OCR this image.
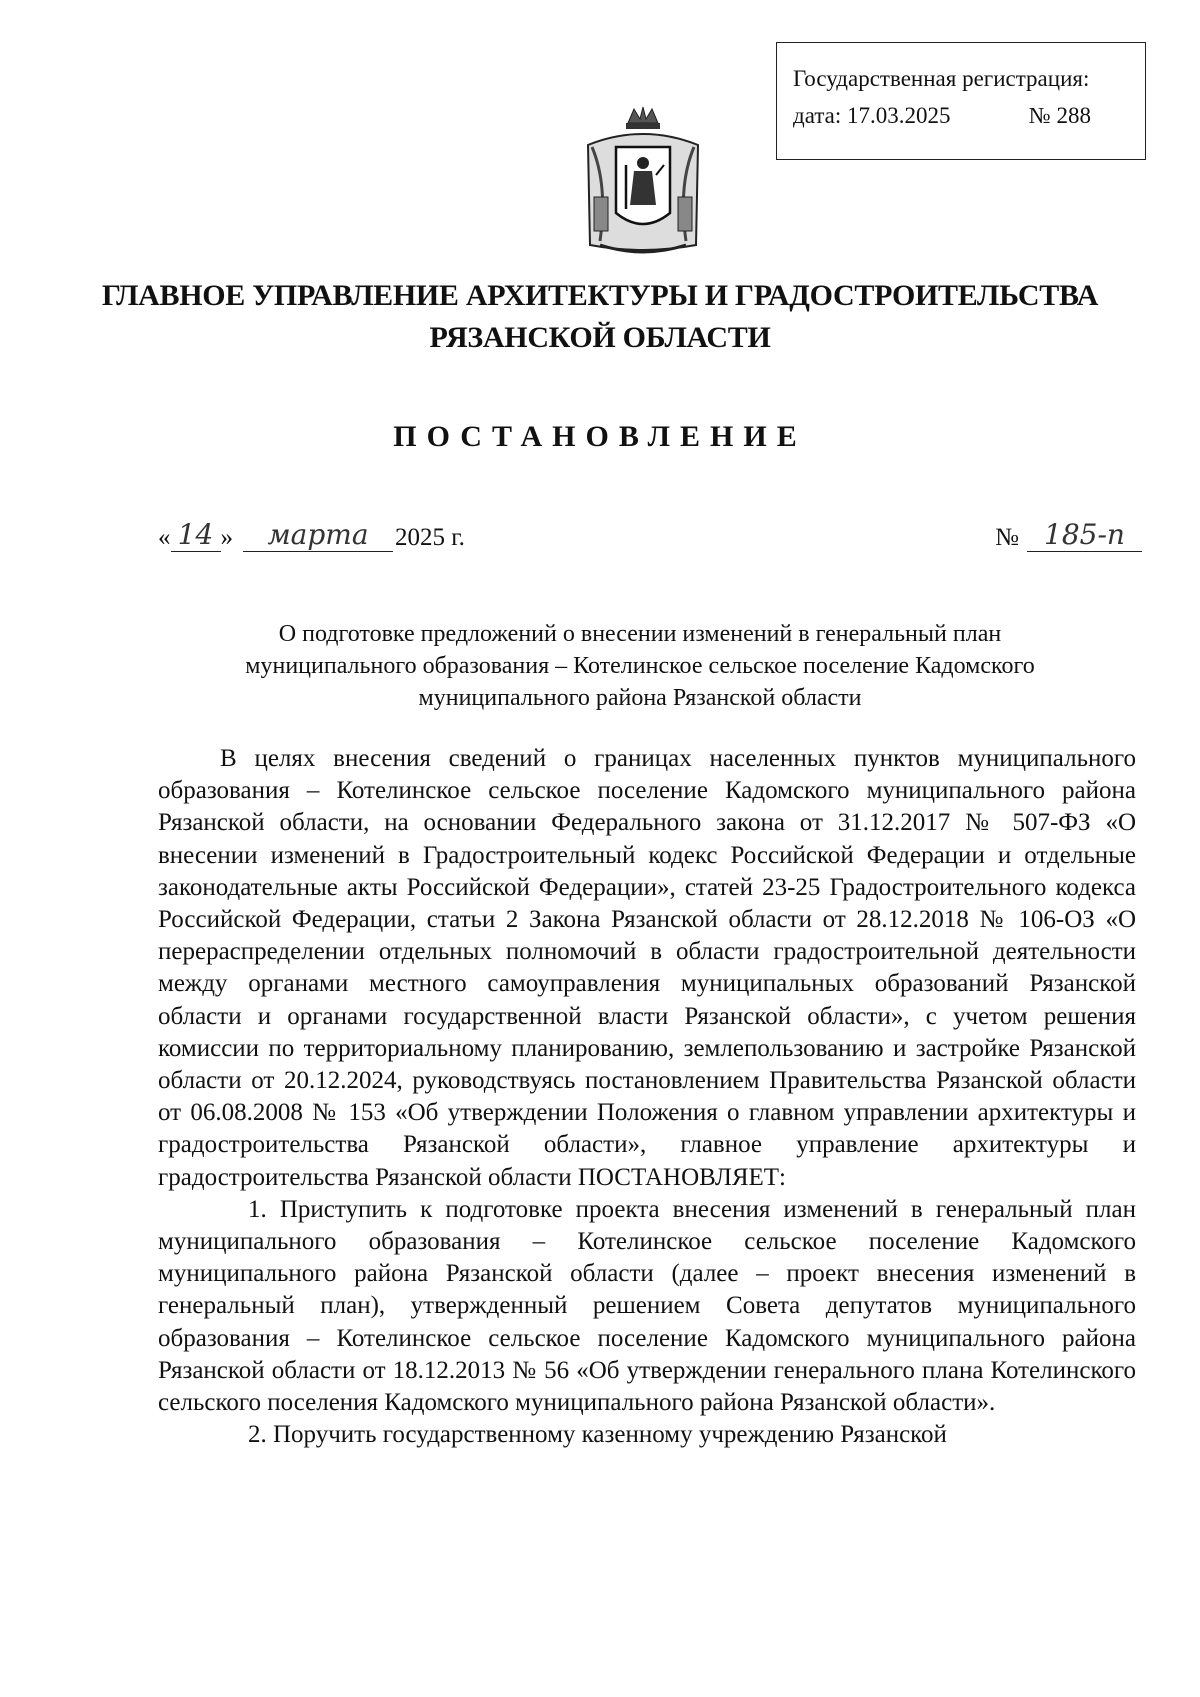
Государственная регистрация:
дата: 17.03.2025	№ 288
ГЛАВНОЕ УПРАВЛЕНИЕ АРХИТЕКТУРЫ И ГРАДОСТРОИТЕЛЬСТВА
РЯЗАНСКОЙ ОБЛАСТИ
ПОСТАНОВЛЕНИЕ
« 14 »	марта	2025 г.	№ 185-п
О подготовке предложений о внесении изменений в генеральный план
муниципального образования – Котелинское сельское поселение Кадомского
муниципального района Рязанской области

В целях внесения сведений о границах населенных пунктов муниципального образования – Котелинское сельское поселение Кадомского муниципального района Рязанской области, на основании Федерального закона от 31.12.2017 № 507-ФЗ «О внесении изменений в Градостроительный кодекс Российской Федерации и отдельные законодательные акты Российской Федерации», статей 23-25 Градостроительного кодекса Российской Федерации, статьи 2 Закона Рязанской области от 28.12.2018 № 106-ОЗ «О перераспределении отдельных полномочий в области градостроительной деятельности между органами местного самоуправления муниципальных образований Рязанской области и органами государственной власти Рязанской области», с учетом решения комиссии по территориальному планированию, землепользованию и застройке Рязанской области от 20.12.2024, руководствуясь постановлением Правительства Рязанской области от 06.08.2008 № 153 «Об утверждении Положения о главном управлении архитектуры и градостроительства Рязанской области», главное управление архитектуры и градостроительства Рязанской области ПОСТАНОВЛЯЕТ:

1. Приступить к подготовке проекта внесения изменений в генеральный план муниципального образования – Котелинское сельское поселение Кадомского муниципального района Рязанской области (далее – проект внесения изменений в генеральный план), утвержденный решением Совета депутатов муниципального образования – Котелинское сельское поселение Кадомского муниципального района Рязанской области от 18.12.2013 № 56 «Об утверждении генерального плана Котелинского сельского поселения Кадомского муниципального района Рязанской области».

2. Поручить государственному казенному учреждению Рязанской
